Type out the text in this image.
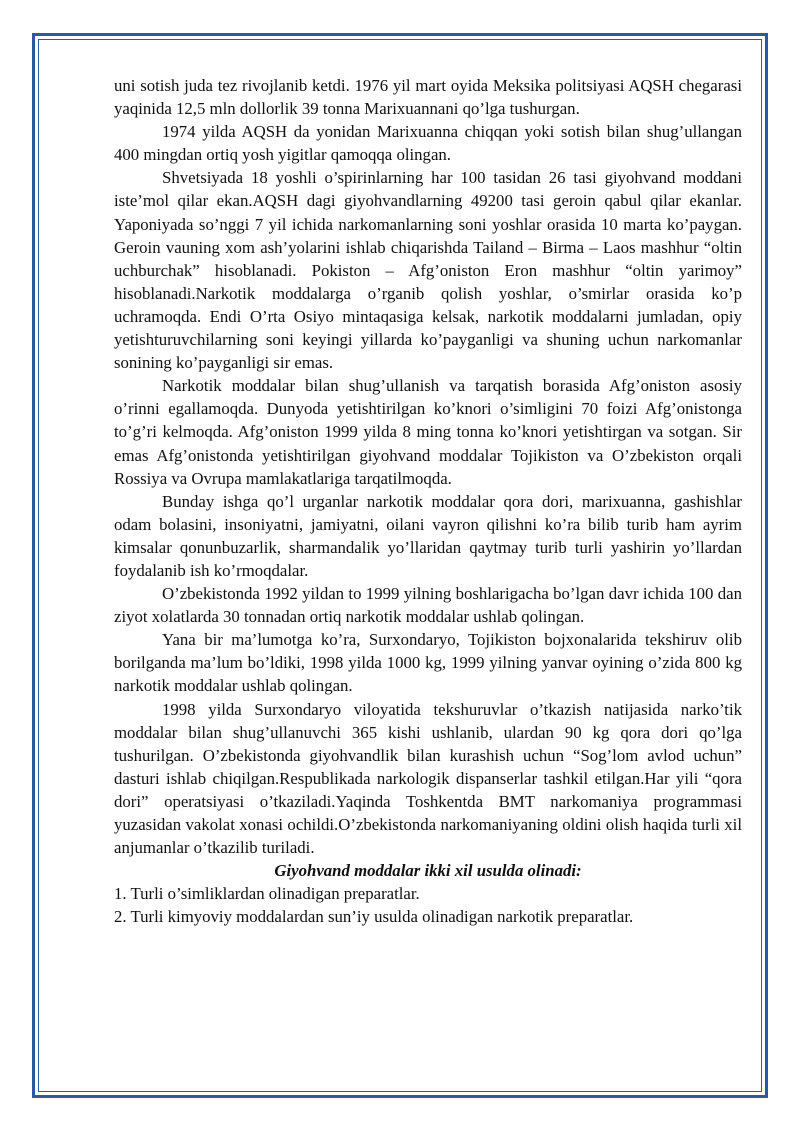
uni sotish juda tez rivojlanib ketdi. 1976 yil mart oyida Meksika politsiyasi AQSH chegarasi yaqinida 12,5 mln dollorlik 39 tonna Marixuannani qo’lga tushurgan.

1974 yilda AQSH da yonidan Marixuanna chiqqan yoki sotish bilan shug’ullangan 400 mingdan ortiq yosh yigitlar qamoqqa olingan.

Shvetsiyada 18 yoshli o’spirinlarning har 100 tasidan 26 tasi giyohvand moddani iste’mol qilar ekan.AQSH dagi giyohvandlarning 49200 tasi geroin qabul qilar ekanlar. Yaponiyada so’nggi 7 yil ichida narkomanlarning soni yoshlar orasida 10 marta ko’paygan. Geroin vauning xom ash’yolarini ishlab chiqarishda Tailand – Birma – Laos mashhur “oltin uchburchak” hisoblanadi. Pokiston – Afg’oniston Eron mashhur “oltin yarimoy” hisoblanadi.Narkotik moddalarga o’rganib qolish yoshlar, o’smirlar orasida ko’p uchramoqda. Endi O’rta Osiyo mintaqasiga kelsak, narkotik moddalarni jumladan, opiy yetishturuvchilarning soni keyingi yillarda ko’payganligi va shuning uchun narkomanlar sonining ko’payganligi sir emas.

Narkotik moddalar bilan shug’ullanish va tarqatish borasida Afg’oniston asosiy o’rinni egallamoqda. Dunyoda yetishtirilgan ko’knori o’simligini 70 foizi Afg’onistonga to’g’ri kelmoqda. Afg’oniston 1999 yilda 8 ming tonna ko’knori yetishtirgan va sotgan. Sir emas Afg’onistonda yetishtirilgan giyohvand moddalar Tojikiston va O’zbekiston orqali Rossiya va Ovrupa mamlakatlariga tarqatilmoqda.

Bunday ishga qo’l urganlar narkotik moddalar qora dori, marixuanna, gashishlar odam bolasini, insoniyatni, jamiyatni, oilani vayron qilishni ko’ra bilib turib ham ayrim kimsalar qonunbuzarlik, sharmandalik yo’llaridan qaytmay turib turli yashirin yo’llardan foydalanib ish ko’rmoqdalar.

O’zbekistonda 1992 yildan to 1999 yilning boshlarigacha bo’lgan davr ichida 100 dan ziyot xolatlarda 30 tonnadan ortiq narkotik moddalar ushlab qolingan.

Yana bir ma’lumotga ko’ra, Surxondaryo, Tojikiston bojxonalarida tekshiruv olib borilganda ma’lum bo’ldiki, 1998 yilda 1000 kg, 1999 yilning yanvar oyining o’zida 800 kg narkotik moddalar ushlab qolingan.

1998 yilda Surxondaryo viloyatida tekshuruvlar o’tkazish natijasida narko’tik moddalar bilan shug’ullanuvchi 365 kishi ushlanib, ulardan 90 kg qora dori qo’lga tushurilgan. O’zbekistonda giyohvandlik bilan kurashish uchun “Sog’lom avlod uchun” dasturi ishlab chiqilgan.Respublikada narkologik dispanserlar tashkil etilgan.Har yili “qora dori” operatsiyasi o’tkaziladi.Yaqinda Toshkentda BMT narkomaniya programmasi yuzasidan vakolat xonasi ochildi.O’zbekistonda narkomaniyaning oldini olish haqida turli xil anjumanlar o’tkazilib turiladi.

Giyohvand moddalar ikki xil usulda olinadi:

1. Turli o’simliklardan olinadigan preparatlar.

2. Turli kimyoviy moddalardan sun’iy usulda olinadigan narkotik preparatlar.
